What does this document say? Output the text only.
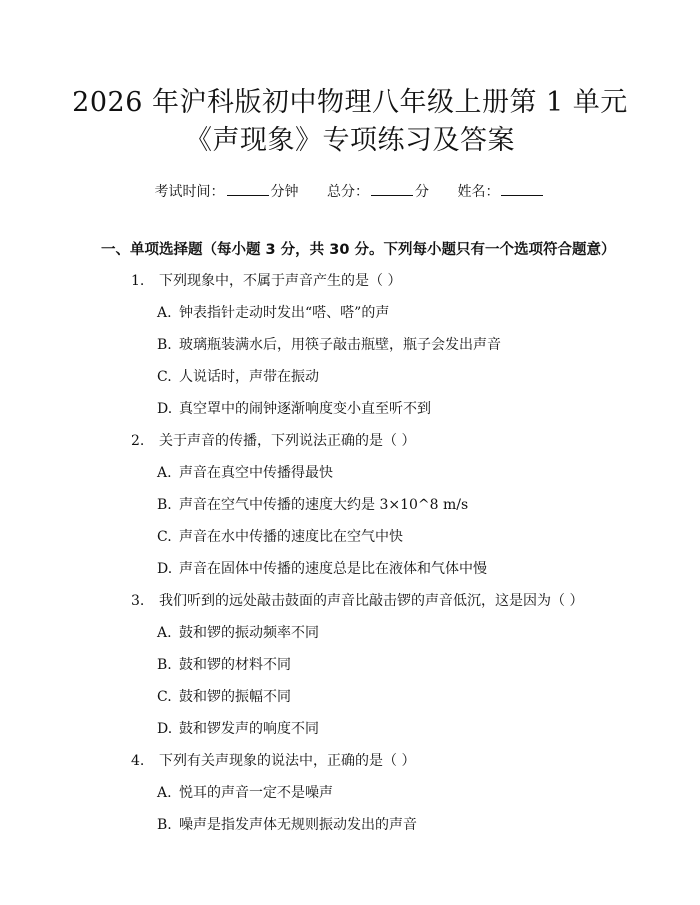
2026 年沪科版初中物理八年级上册第 1 单元
《声现象》专项练习及答案
考试时间：	分钟 总分：	分 姓名：
一、单项选择题（每小题 3 分，共 30 分。下列每小题只有一个选项符合题意）
1. 下列现象中，不属于声音产生的是（ ）
A. 钟表指针走动时发出“嗒、嗒”的声
B. 玻璃瓶装满水后，用筷子敲击瓶壁，瓶子会发出声音
C. 人说话时，声带在振动
D. 真空罩中的闹钟逐渐响度变小直至听不到
2. 关于声音的传播，下列说法正确的是（ ）
A. 声音在真空中传播得最快
B. 声音在空气中传播的速度大约是 3×10^8 m/s
C. 声音在水中传播的速度比在空气中快
D. 声音在固体中传播的速度总是比在液体和气体中慢
3. 我们听到的远处敲击鼓面的声音比敲击锣的声音低沉，这是因为（ ）
A. 鼓和锣的振动频率不同
B. 鼓和锣的材料不同
C. 鼓和锣的振幅不同
D. 鼓和锣发声的响度不同
4. 下列有关声现象的说法中，正确的是（ ）
A. 悦耳的声音一定不是噪声
B. 噪声是指发声体无规则振动发出的声音
